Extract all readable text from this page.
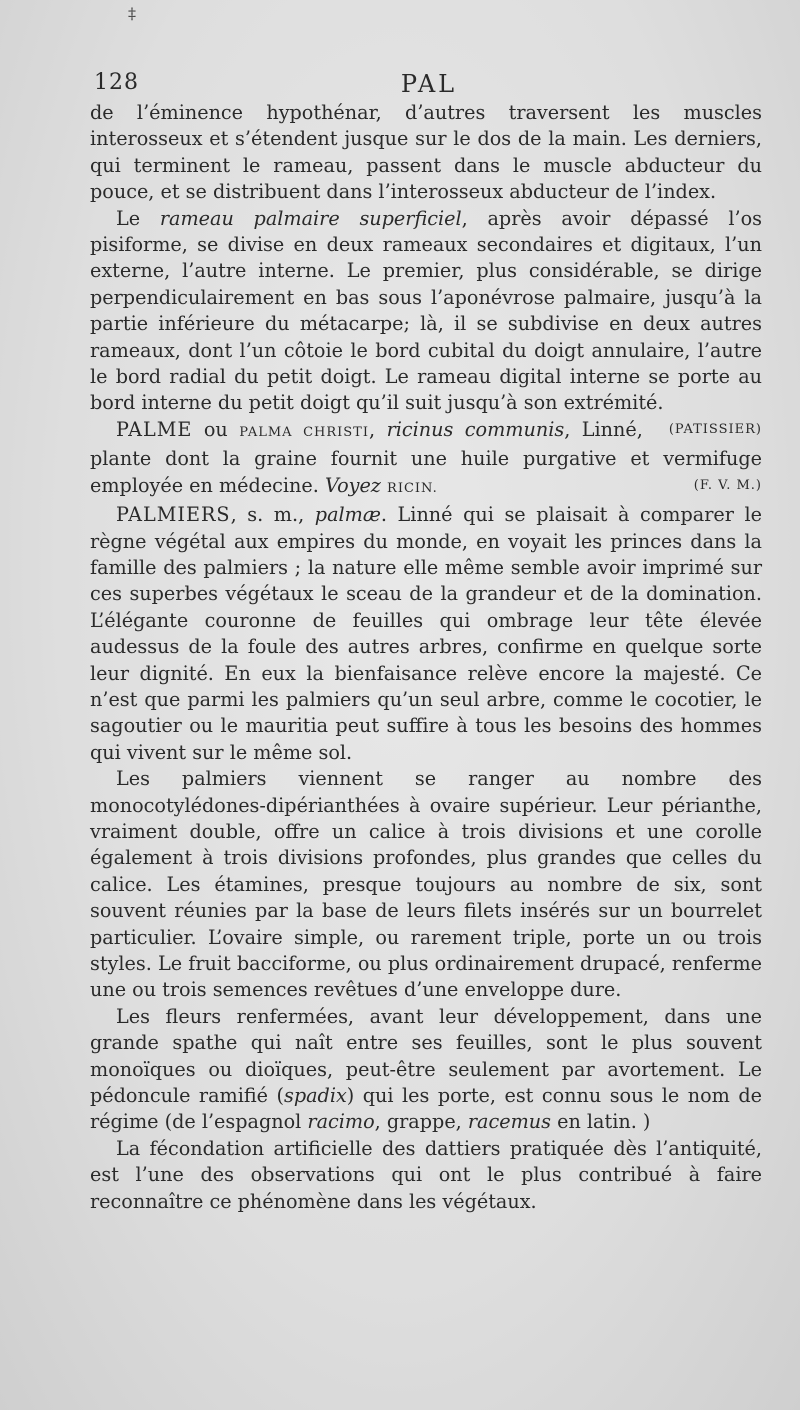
‡
128	PAL

de l’éminence hypothénar, d’autres traversent les muscles interosseux et s’étendent jusque sur le dos de la main. Les derniers, qui terminent le rameau, passent dans le muscle abducteur du pouce, et se distribuent dans l’interosseux abducteur de l’index.

Le rameau palmaire superficiel, après avoir dépassé l’os pisiforme, se divise en deux rameaux secondaires et digitaux, l’un externe, l’autre interne. Le premier, plus considérable, se dirige perpendiculairement en bas sous l’aponévrose palmaire, jusqu’à la partie inférieure du métacarpe; là, il se subdivise en deux autres rameaux, dont l’un côtoie le bord cubital du doigt annulaire, l’autre le bord radial du petit doigt. Le rameau digital interne se porte au bord interne du petit doigt qu’il suit jusqu’à son extrémité.
(PATISSIER)

PALME ou PALMA CHRISTI, ricinus communis, Linné, plante dont la graine fournit une huile purgative et vermifuge employée en médecine. Voyez RICIN.	(F. V. M.)

PALMIERS, s. m., palmæ. Linné qui se plaisait à comparer le règne végétal aux empires du monde, en voyait les princes dans la famille des palmiers ; la nature elle même semble avoir imprimé sur ces superbes végétaux le sceau de la grandeur et de la domination. L’élégante couronne de feuilles qui ombrage leur tête élevée audessus de la foule des autres arbres, confirme en quelque sorte leur dignité. En eux la bienfaisance relève encore la majesté. Ce n’est que parmi les palmiers qu’un seul arbre, comme le cocotier, le sagoutier ou le mauritia peut suffire à tous les besoins des hommes qui vivent sur le même sol.

Les palmiers viennent se ranger au nombre des monocotylédones-dipérianthées à ovaire supérieur. Leur périanthe, vraiment double, offre un calice à trois divisions et une corolle également à trois divisions profondes, plus grandes que celles du calice. Les étamines, presque toujours au nombre de six, sont souvent réunies par la base de leurs filets insérés sur un bourrelet particulier. L’ovaire simple, ou rarement triple, porte un ou trois styles. Le fruit bacciforme, ou plus ordinairement drupacé, renferme une ou trois semences revêtues d’une enveloppe dure.

Les fleurs renfermées, avant leur développement, dans une grande spathe qui naît entre ses feuilles, sont le plus souvent monoïques ou dioïques, peut-être seulement par avortement. Le pédoncule ramifié (spadix) qui les porte, est connu sous le nom de régime (de l’espagnol racimo, grappe, racemus en latin. )

La fécondation artificielle des dattiers pratiquée dès l’antiquité, est l’une des observations qui ont le plus contribué à faire reconnaître ce phénomène dans les végétaux.
